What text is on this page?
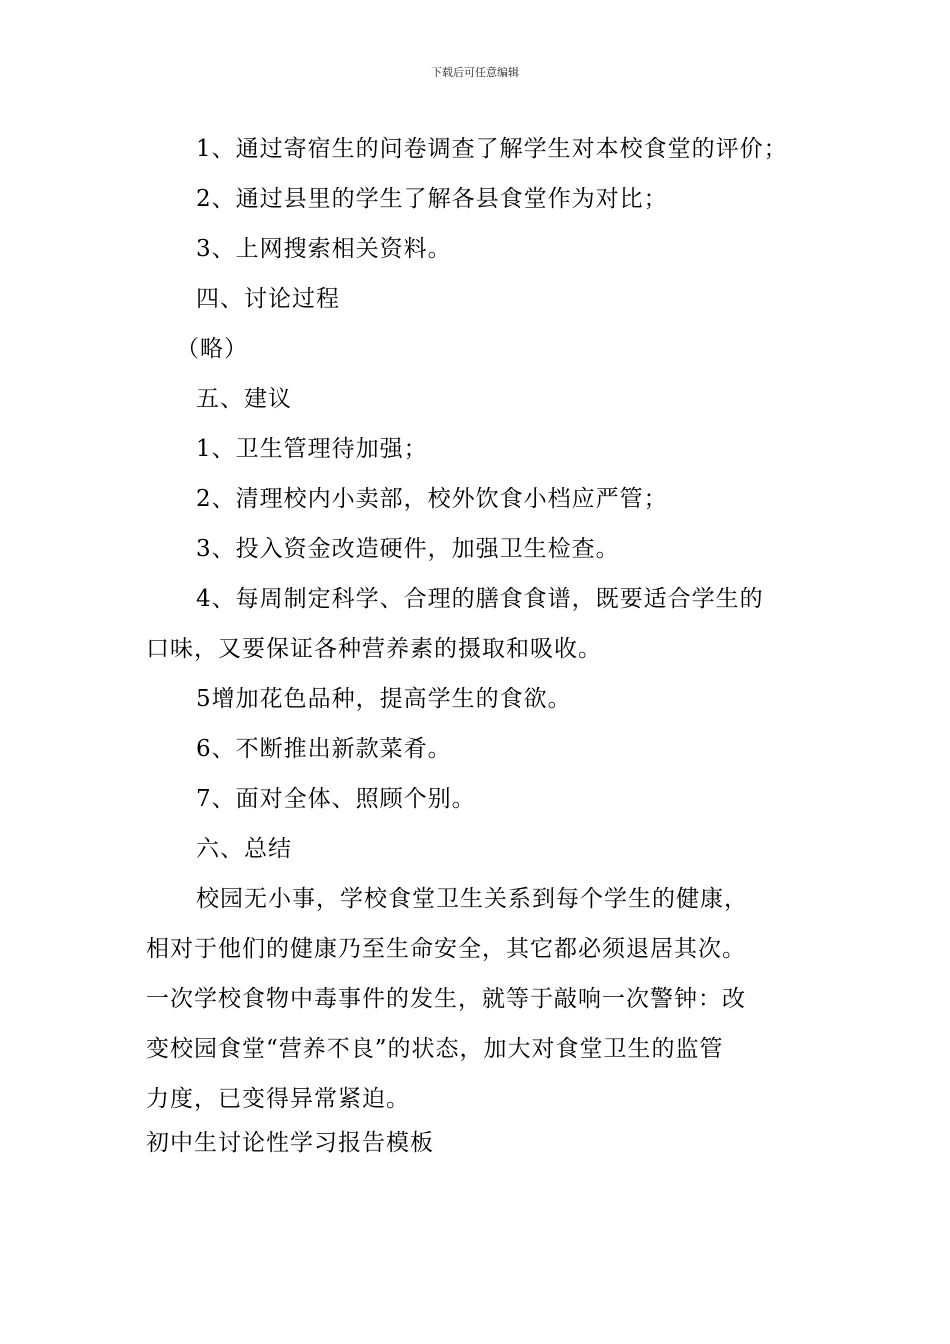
下载后可任意编辑
1、通过寄宿生的问卷调查了解学生对本校食堂的评价；
2、通过县里的学生了解各县食堂作为对比；
3、上网搜索相关资料。
四、讨论过程
（略）
五、建议
1、卫生管理待加强；
2、清理校内小卖部，校外饮食小档应严管；
3、投入资金改造硬件，加强卫生检查。
4、每周制定科学、合理的膳食食谱，既要适合学生的
口味，又要保证各种营养素的摄取和吸收。
5增加花色品种，提高学生的食欲。
6、不断推出新款菜肴。
7、面对全体、照顾个别。
六、总结
校园无小事，学校食堂卫生关系到每个学生的健康，
相对于他们的健康乃至生命安全，其它都必须退居其次。
一次学校食物中毒事件的发生，就等于敲响一次警钟：改
变校园食堂“营养不良”的状态，加大对食堂卫生的监管
力度，已变得异常紧迫。
初中生讨论性学习报告模板
